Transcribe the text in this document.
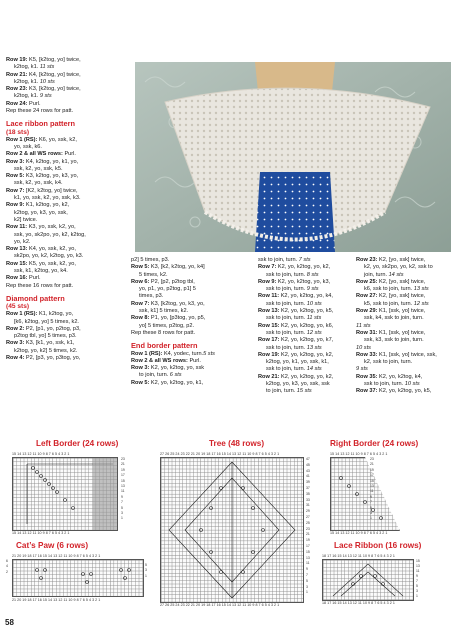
Row 19: K5, [k2tog, yo] twice,

k2tog, k1. 11 sts

Row 21: K4, [k2tog, yo] twice,

k2tog, k1. 10 sts

Row 23: K3, [k2tog, yo] twice,

k2tog, k1. 9 sts

Row 24: Purl.

Rep these 24 rows for patt.

Lace ribbon pattern

(18 sts)

Row 1 (RS): K6, yo, ssk, k2,

yo, ssk, k6.

Row 2 & all WS rows: Purl.

Row 3: K4, k2tog, yo, k1, yo,

ssk, k2, yo, ssk, k5.

Row 5: K3, k2tog, yo, k3, yo,

ssk, k2, yo, ssk, k4.

Row 7: [K2, k2tog, yo] twice,

k1, yo, ssk, k2, yo, ssk, k3.

Row 9: K1, k2tog, yo, k2,

k2tog, yo, k3, yo, ssk,

k2] twice.

Row 11: K3, yo, ssk, k2, yo,

ssk, yo, sk2po, yo, k2, k2tog,

yo, k2.

Row 13: K4, yo, ssk, k2, yo,

sk2po, yo, k2, k2tog, yo, k3.

Row 15: K5, yo, ssk, k2, yo,

ssk, k1, k2tog, yo, k4.

Row 16: Purl.

Rep these 16 rows for patt.

Diamond pattern

(45 sts)

Row 1 (RS): K1, k2tog, yo,

[k6, k2tog, yo] 5 times, k2.

Row 2: P2, [p1, yo, p2tog, p3,

p2tog tbl, yo] 5 times, p3.

Row 3: K3, [k1, yo, ssk, k1,

k2tog, yo, k2] 5 times, k2.

Row 4: P2, [p3, yo, p3tog, yo,

p2] 5 times, p3.

Row 5: K3, [k2, k2tog, yo, k4]

5 times, k2.

Row 6: P2, [p2, p2tog tbl,

yo, p1, yo, p2tog, p1] 5

times, p3.

Row 7: K3, [k2tog, yo, k3, yo,

ssk, k1] 5 times, k2.

Row 8: P1, yo, [p3tog, yo, p5,

yo] 5 times, p2tog, p2.

Rep these 8 rows for patt.

End border pattern

Row 1 (RS): K4, yodec, turn.5 sts

Row 2 & all WS rows: Purl.

Row 3: K2, yo, k2tog, yo, ssk

to join, turn. 6 sts

Row 5: K2, yo, k2tog, yo, k1,

ssk to join, turn. 7 sts

Row 7: K2, yo, k2tog, yo, k2,

ssk to join, turn. 8 sts

Row 9: K2, yo, k2tog, yo, k3,

ssk to join, turn. 9 sts

Row 11: K2, yo, k2tog, yo, k4,

ssk to join, turn. 10 sts

Row 13: K2, yo, k2tog, yo, k5,

ssk to join, turn. 11 sts

Row 15: K2, yo, k2tog, yo, k6,

ssk to join, turn. 12 sts

Row 17: K2, yo, k2tog, yo, k7,

ssk to join, turn. 13 sts

Row 19: K2, yo, k2tog, yo, k2,

k2tog, yo, k1, yo, ssk, k1,

ssk to join, turn. 14 sts

Row 21: K2, yo, k2tog, yo, k2,

k2tog, yo, k3, yo, ssk, ssk

to join, turn. 15 sts

Row 23: K2, [yo, ssk] twice,

k2, yo, sk2po, yo, k2, ssk to

join, turn. 14 sts

Row 25: K2, [yo, ssk] twice,

k6, ssk to join, turn. 13 sts

Row 27: K2, [yo, ssk] twice,

k5, ssk to join, turn. 12 sts

Row 29: K1, [ssk, yo] twice,

ssk, k4, ssk to join, turn.

11 sts

Row 31: K1, [ssk, yo] twice,

ssk, k3, ssk to join, turn.

10 sts

Row 33: K1, [ssk, yo] twice, ssk,

k2, ssk to join, turn.

9 sts

Row 35: K2, yo, k2tog, k4,

ssk to join, turn. 10 sts

Row 37: K2, yo, k2tog, yo, k5,

Left Border (24 rows)
15 14 13 12 11 10 9 8 7 6 5 4 3 2 1
23
21
19
17
15
13
11
9
7
5
3
1
15 14 13 12 11 10 9 8 7 6 5 4 3 2 1
Cat’s Paw (6 rows)
21 20 19 18 17 16 15 14 13 12 11 10 9 8 7 6 5 4 3 2 1
6
4
2
5
3
1
21 20 19 18 17 16 15 14 13 12 11 10 9 8 7 6 5 4 3 2 1
Tree (48 rows)
27 26 25 24 23 22 21 20 19 18 17 16 15 14 13 12 11 10 9 8 7 6 5 4 3 2 1
47
45
43
41
39
37
35
33
31
29
27
25
23
21
19
17
15
13
11
9
7
5
3
1
27 26 25 24 23 22 21 20 19 18 17 16 15 14 13 12 11 10 9 8 7 6 5 4 3 2 1
Right Border (24 rows)
15 14 13 12 11 10 9 8 7 6 5 4 3 2 1
23
21
19
17
15
13
11
9
7
5
3
1
15 14 13 12 11 10 9 8 7 6 5 4 3 2 1
Lace Ribbon (16 rows)
18 17 16 15 14 13 12 11 10 9 8 7 6 5 4 3 2 1
15
13
11
9
7
5
3
1
18 17 16 15 14 13 12 11 10 9 8 7 6 5 4 3 2 1
58
